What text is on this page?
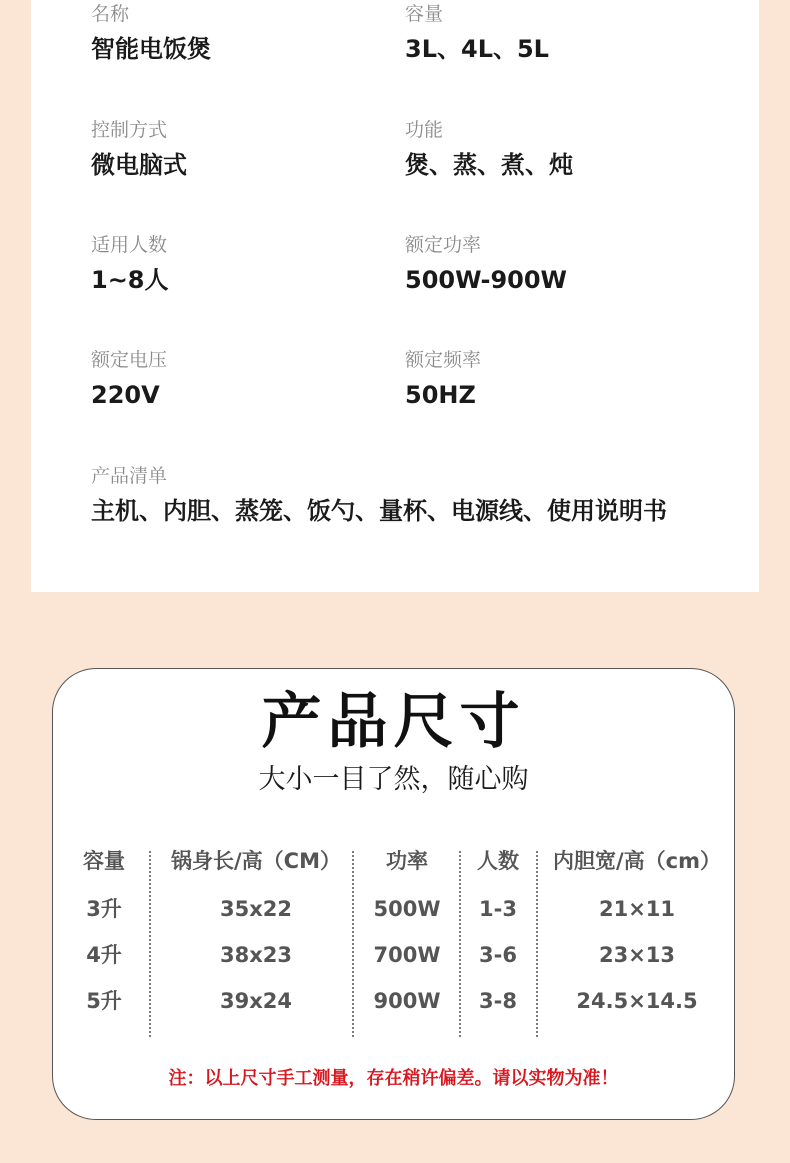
名称
智能电饭煲
容量
3L、4L、5L
控制方式
微电脑式
功能
煲、蒸、煮、炖
适用人数
1~8人
额定功率
500W-900W
额定电压
220V
额定频率
50HZ
产品清单
主机、内胆、蒸笼、饭勺、量杯、电源线、使用说明书
产品尺寸
大小一目了然，随心购
容量
3升
4升
5升
锅身长/高（CM）
35x22
38x23
39x24
功率
500W
700W
900W
人数
1-3
3-6
3-8
内胆宽/高（cm）
21×11
23×13
24.5×14.5
注：以上尺寸手工测量，存在稍许偏差。请以实物为准！
